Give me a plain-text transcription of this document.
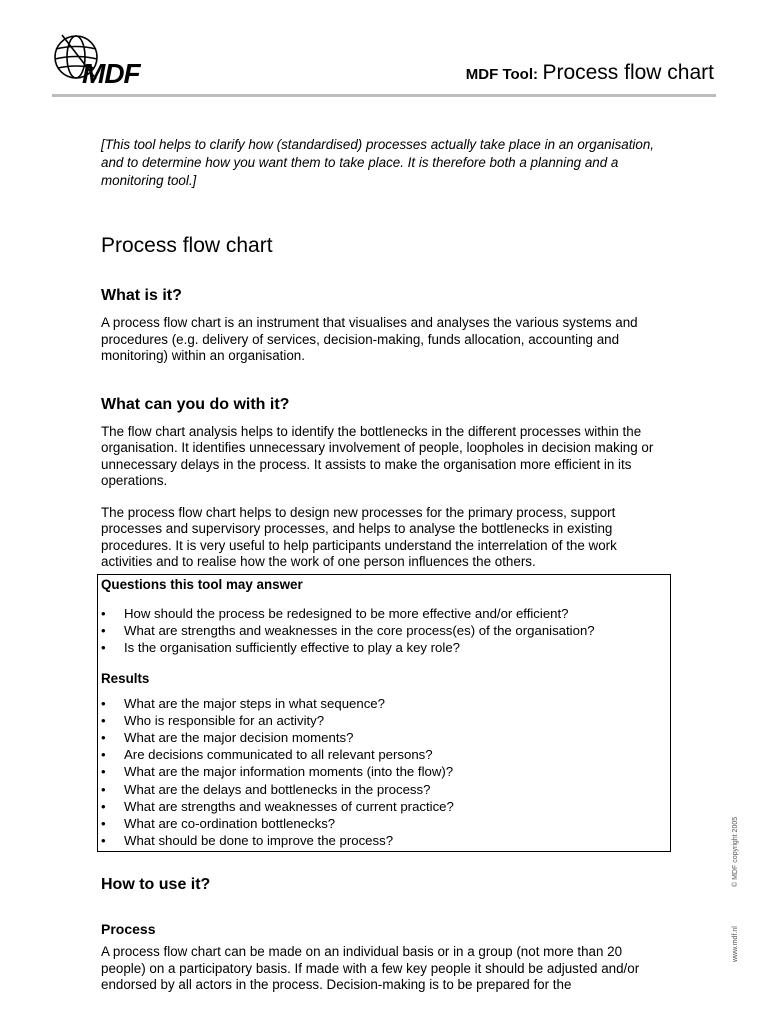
MDF	MDF Tool: Process flow chart

[This tool helps to clarify how (standardised) processes actually take place in an organisation, and to determine how you want them to take place. It is therefore both a planning and a monitoring tool.]

Process flow chart
What is it?

A process flow chart is an instrument that visualises and analyses the various systems and procedures (e.g. delivery of services, decision-making, funds allocation, accounting and monitoring) within an organisation.

What can you do with it?

The flow chart analysis helps to identify the bottlenecks in the different processes within the organisation. It identifies unnecessary involvement of people, loopholes in decision making or unnecessary delays in the process. It assists to make the organisation more efficient in its operations.

The process flow chart helps to design new processes for the primary process, support processes and supervisory processes, and helps to analyse the bottlenecks in existing procedures. It is very useful to help participants understand the interrelation of the work activities and to realise how the work of one person influences the others.

Questions this tool may answer
• How should the process be redesigned to be more effective and/or efficient?
• What are strengths and weaknesses in the core process(es) of the organisation?
• Is the organisation sufficiently effective to play a key role?
Results
• What are the major steps in what sequence?
• Who is responsible for an activity?
• What are the major decision moments?
• Are decisions communicated to all relevant persons?
• What are the major information moments (into the flow)?
• What are the delays and bottlenecks in the process?
• What are strengths and weaknesses of current practice?
• What are co-ordination bottlenecks?
• What should be done to improve the process?
How to use it?
Process

A process flow chart can be made on an individual basis or in a group (not more than 20 people) on a participatory basis. If made with a few key people it should be adjusted and/or endorsed by all actors in the process. Decision-making is to be prepared for the

© MDF copyright 2005
www.mdf.nl
